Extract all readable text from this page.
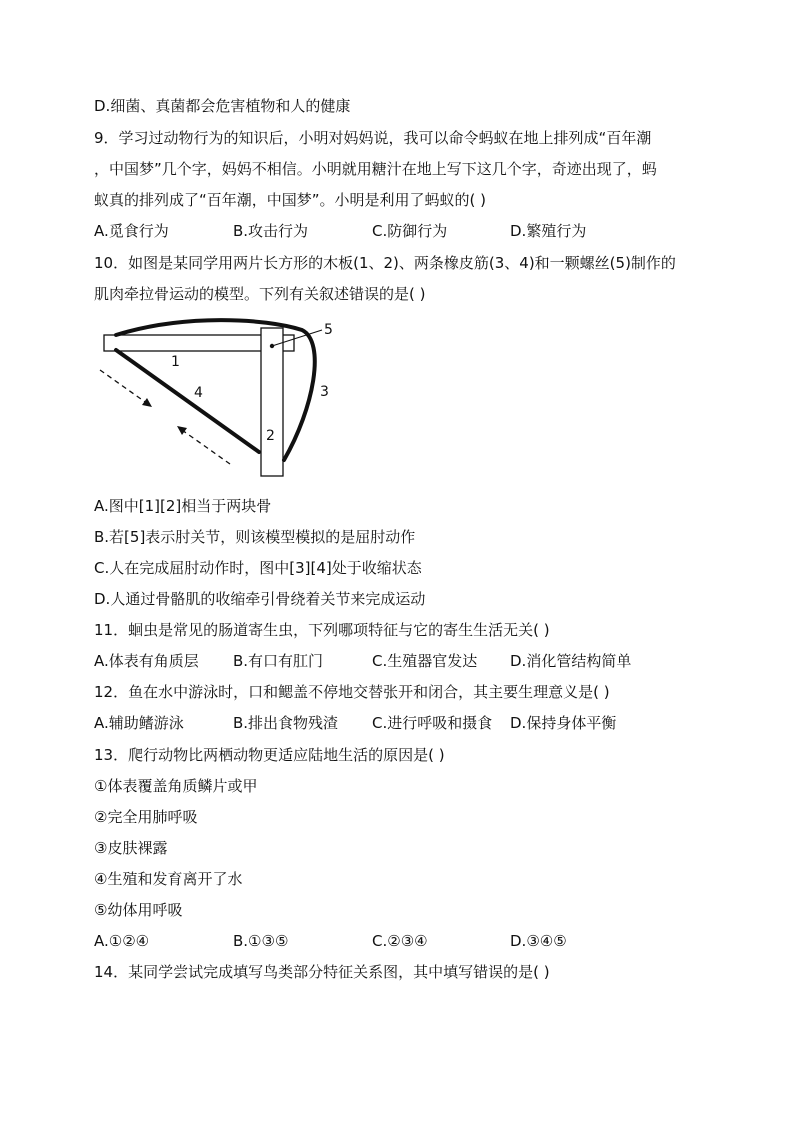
D.细菌、真菌都会危害植物和人的健康
9．学习过动物行为的知识后，小明对妈妈说，我可以命令蚂蚁在地上排列成“百年潮
，中国梦”几个字，妈妈不相信。小明就用糖汁在地上写下这几个字，奇迹出现了，蚂
蚁真的排列成了“百年潮，中国梦”。小明是利用了蚂蚁的( )
A.觅食行为	B.攻击行为	C.防御行为	D.繁殖行为
10．如图是某同学用两片长方形的木板(1、2)、两条橡皮筋(3、4)和一颗螺丝(5)制作的
肌肉牵拉骨运动的模型。下列有关叙述错误的是( )
1
2
3
4
5
A.图中[1][2]相当于两块骨
B.若[5]表示肘关节，则该模型模拟的是屈肘动作
C.人在完成屈肘动作时，图中[3][4]处于收缩状态
D.人通过骨骼肌的收缩牵引骨绕着关节来完成运动
11．蛔虫是常见的肠道寄生虫，下列哪项特征与它的寄生生活无关( )
A.体表有角质层 B.有口有肛门	C.生殖器官发达 D.消化管结构简单
12．鱼在水中游泳时，口和鳃盖不停地交替张开和闭合，其主要生理意义是( )
A.辅助鳍游泳	B.排出食物残渣 C.进行呼吸和摄食 D.保持身体平衡
13．爬行动物比两栖动物更适应陆地生活的原因是( )
①体表覆盖角质鳞片或甲
②完全用肺呼吸
③皮肤裸露
④生殖和发育离开了水
⑤幼体用呼吸
A.①②④	B.①③⑤	C.②③④	D.③④⑤
14．某同学尝试完成填写鸟类部分特征关系图，其中填写错误的是( )
